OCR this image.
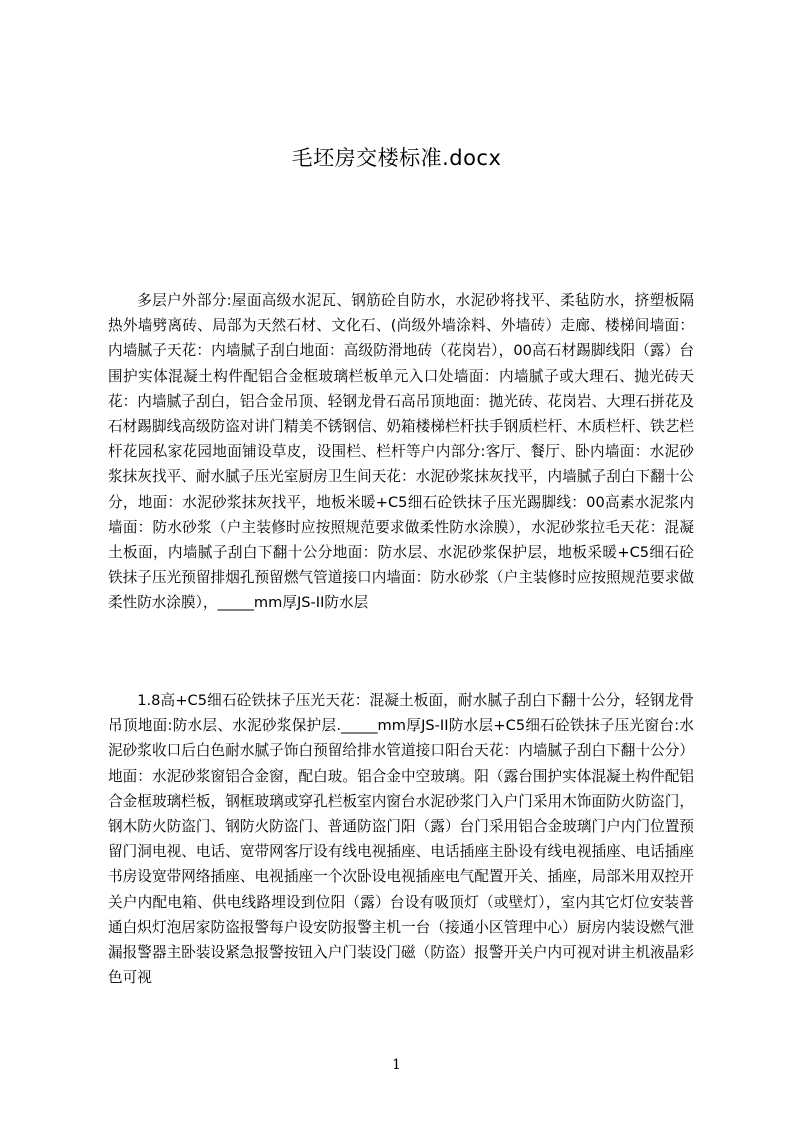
毛坯房交楼标准.docx

多层户外部分:屋面高级水泥瓦、钢筋砼自防水，水泥砂将找平、柔毡防水，挤塑板隔热外墙劈离砖、局部为天然石材、文化石、(尚级外墙涂料、外墙砖）走廊、楼梯间墙面：内墙腻子天花：内墙腻子刮白地面：高级防滑地砖（花岗岩），00高石材踢脚线阳（露）台围护实体混凝土构件配铝合金框玻璃栏板单元入口处墙面：内墙腻子或大理石、抛光砖天花：内墙腻子刮白，铝合金吊顶、轻钢龙骨石高吊顶地面：拋光砖、花岗岩、大理石拼花及石材踢脚线高级防盗对讲门精美不锈钢信、奶箱楼梯栏杆扶手钢质栏杆、木质栏杆、铁艺栏杆花园私家花园地面铺设草皮，设围栏、栏杆等户内部分:客厅、餐厅、卧内墙面：水泥砂浆抹灰找平、耐水腻子压光室厨房卫生间天花：水泥砂浆抹灰找平，内墙腻子刮白下翻十公分，地面：水泥砂浆抹灰找平，地板米暖+C5细石砼铁抹子压光踢脚线：00高素水泥浆内墙面：防水砂浆（户主装修时应按照规范要求做柔性防水涂膜），水泥砂浆拉毛天花：混凝土板面，内墙腻子刮白下翻十公分地面：防水层、水泥砂浆保护层，地板采暖+C5细石砼铁抹子压光预留排烟孔预留燃气管道接口内墙面：防水砂浆（户主装修时应按照规范要求做柔性防水涂膜），_____mm厚JS-II防水层

1.8高+C5细石砼铁抹子压光天花：混凝土板面，耐水腻子刮白下翻十公分，轻钢龙骨吊顶地面:防水层、水泥砂浆保护层._____mm厚JS-II防水层+C5细石砼铁抹子压光窗台:水泥砂浆收口后白色耐水腻子饰白预留给排水管道接口阳台天花：内墙腻子刮白下翻十公分）地面：水泥砂浆窗铝合金窗，配白玻。铝合金中空玻璃。阳（露台围护实体混凝土构件配铝合金框玻璃栏板，钢框玻璃或穿孔栏板室内窗台水泥砂浆门入户门采用木饰面防火防盗门，钢木防火防盗门、钢防火防盗门、普通防盗门阳（露）台门采用铝合金玻璃门户内门位置预留门洞电视、电话、宽带网客厅设有线电视插座、电话插座主卧设有线电视插座、电话插座书房设宽带网络插座、电视插座一个次卧设电视插座电气配置开关、插座，局部米用双控开关户内配电箱、供电线路埋设到位阳（露）台设有吸顶灯（或壁灯），室内其它灯位安装普通白炽灯泡居家防盗报警每户设安防报警主机一台（接通小区管理中心）厨房内装设燃气泄漏报警器主卧装设紧急报警按钮入户门装设门磁（防盗）报警开关户内可视对讲主机液晶彩色可视

1
